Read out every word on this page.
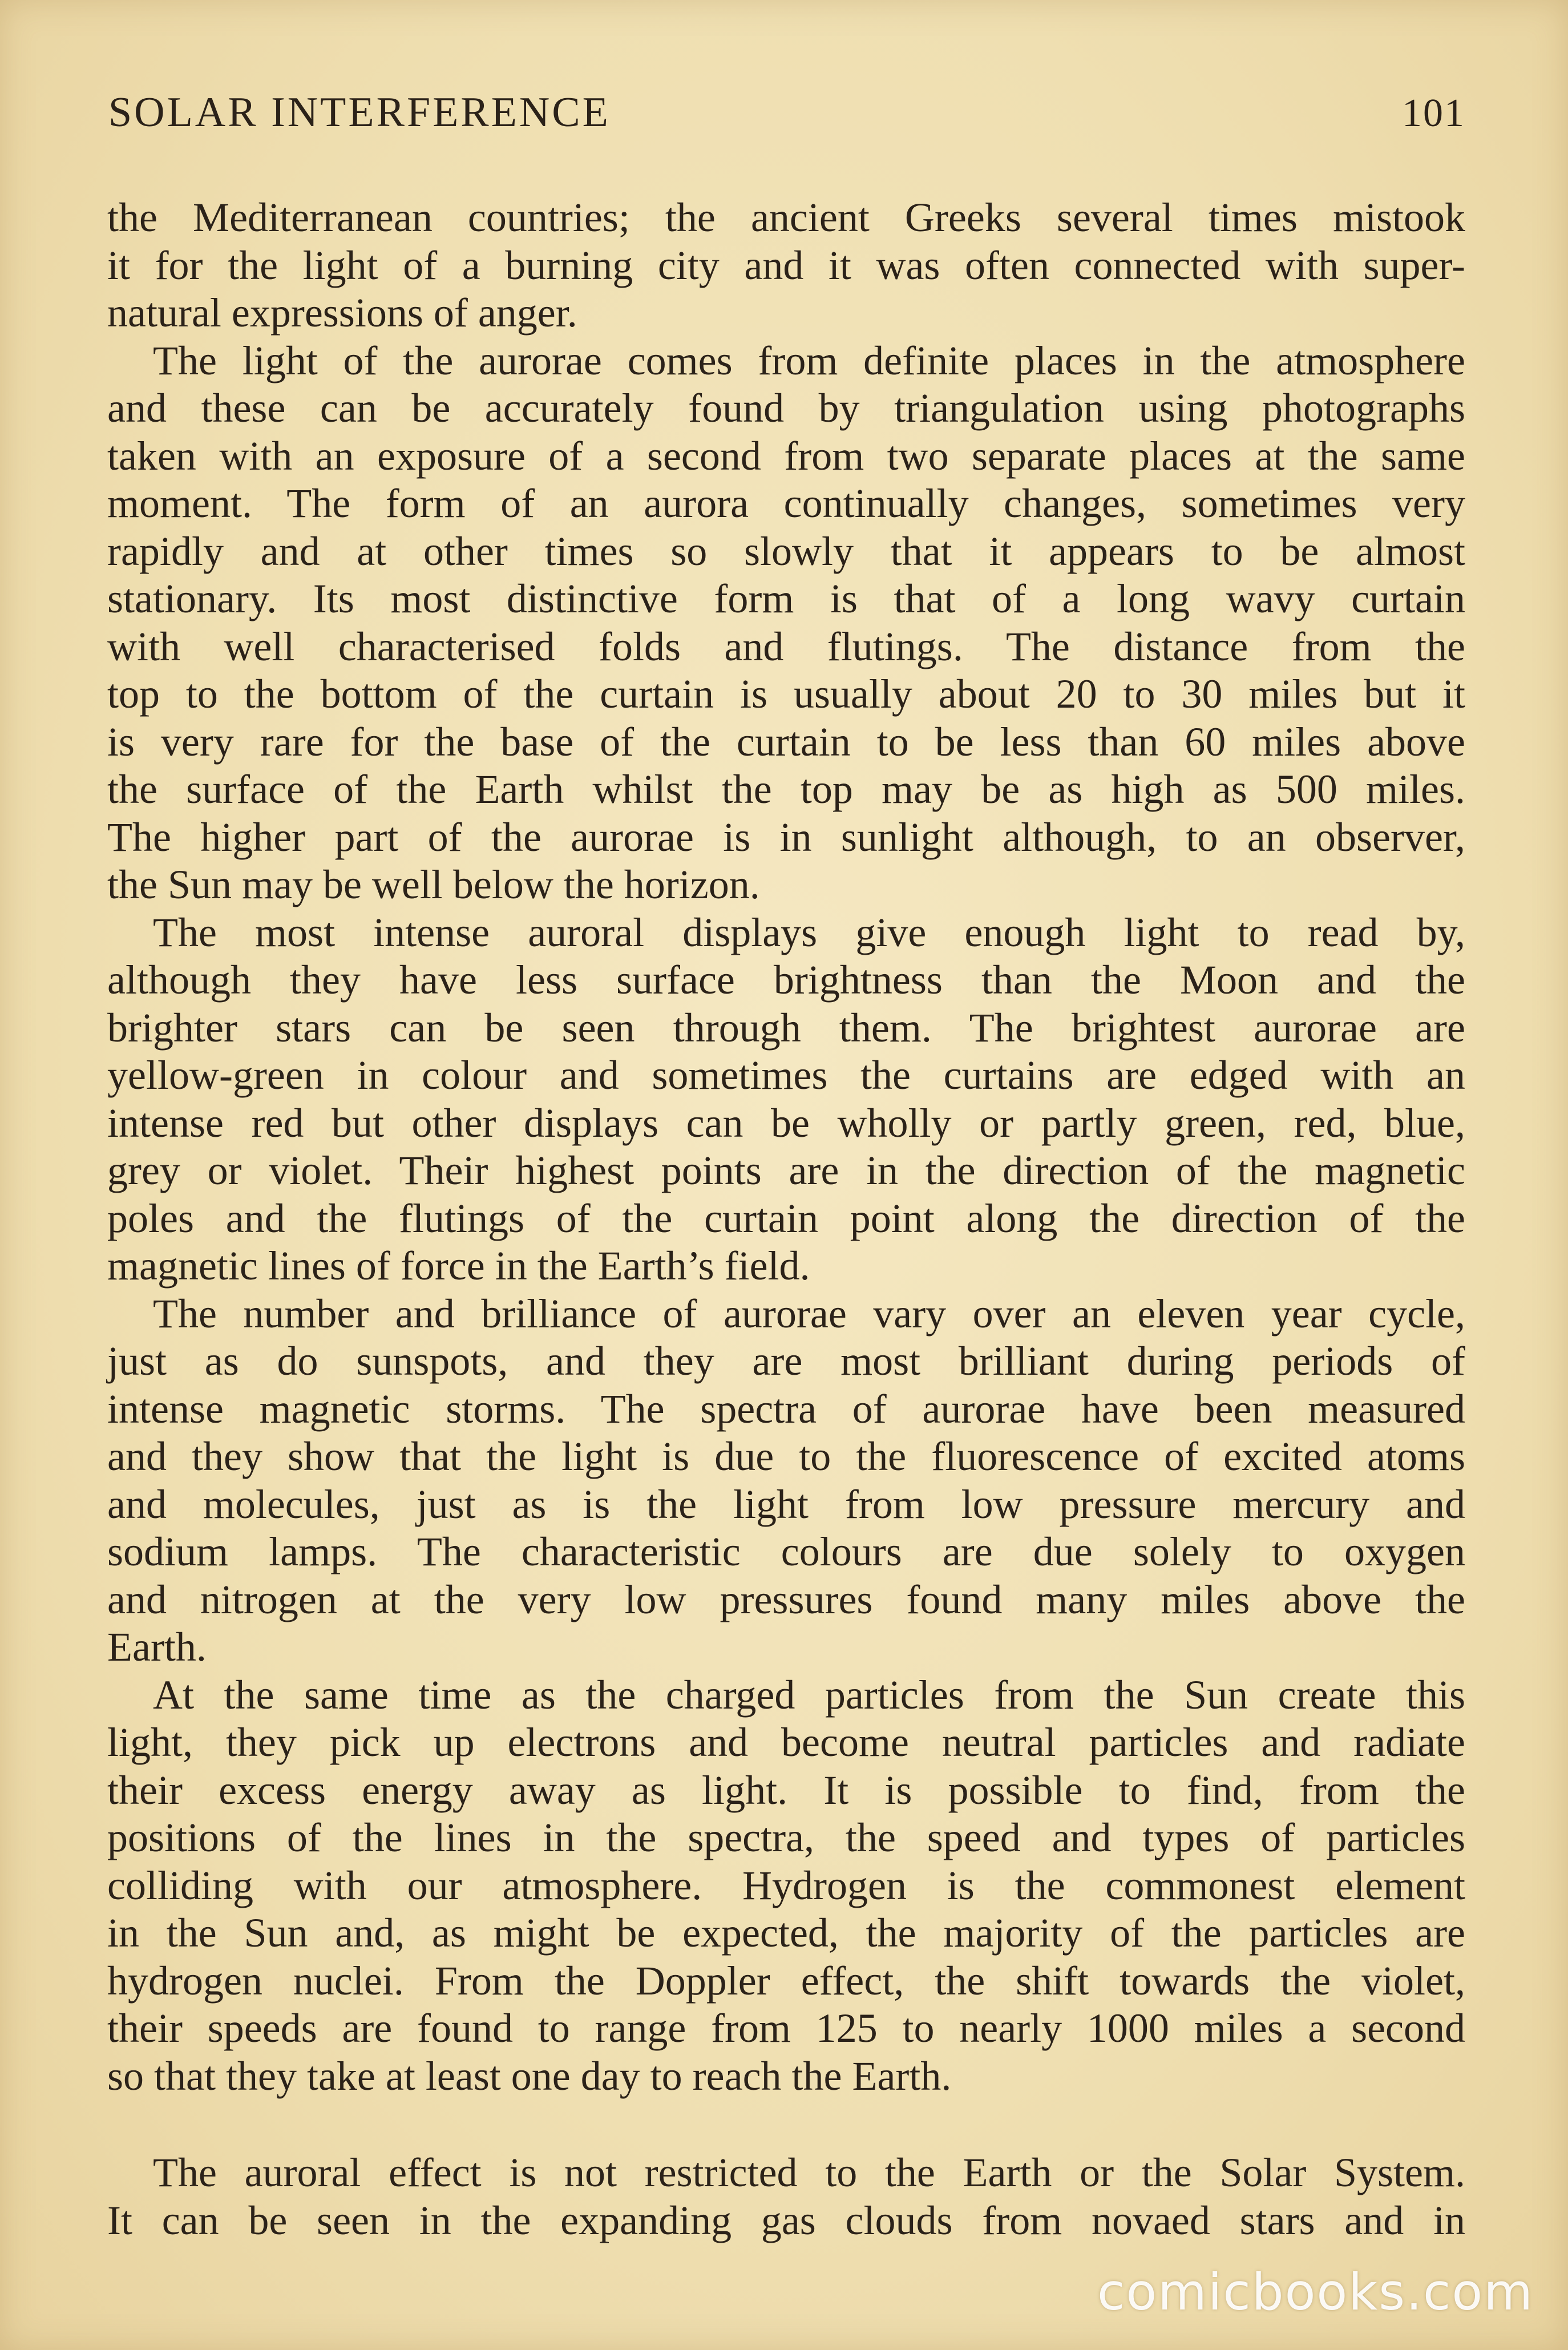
SOLAR INTERFERENCE	101
the Mediterranean countries; the ancient Greeks several times mistook
it for the light of a burning city and it was often connected with super-
natural expressions of anger.
The light of the aurorae comes from definite places in the atmosphere
and these can be accurately found by triangulation using photographs
taken with an exposure of a second from two separate places at the same
moment. The form of an aurora continually changes, sometimes very
rapidly and at other times so slowly that it appears to be almost
stationary. Its most distinctive form is that of a long wavy curtain
with well characterised folds and flutings. The distance from the
top to the bottom of the curtain is usually about 20 to 30 miles but it
is very rare for the base of the curtain to be less than 60 miles above
the surface of the Earth whilst the top may be as high as 500 miles.
The higher part of the aurorae is in sunlight although, to an observer,
the Sun may be well below the horizon.
The most intense auroral displays give enough light to read by,
although they have less surface brightness than the Moon and the
brighter stars can be seen through them. The brightest aurorae are
yellow-green in colour and sometimes the curtains are edged with an
intense red but other displays can be wholly or partly green, red, blue,
grey or violet. Their highest points are in the direction of the magnetic
poles and the flutings of the curtain point along the direction of the
magnetic lines of force in the Earth’s field.
The number and brilliance of aurorae vary over an eleven year cycle,
just as do sunspots, and they are most brilliant during periods of
intense magnetic storms. The spectra of aurorae have been measured
and they show that the light is due to the fluorescence of excited atoms
and molecules, just as is the light from low pressure mercury and
sodium lamps. The characteristic colours are due solely to oxygen
and nitrogen at the very low pressures found many miles above the
Earth.
At the same time as the charged particles from the Sun create this
light, they pick up electrons and become neutral particles and radiate
their excess energy away as light. It is possible to find, from the
positions of the lines in the spectra, the speed and types of particles
colliding with our atmosphere. Hydrogen is the commonest element
in the Sun and, as might be expected, the majority of the particles are
hydrogen nuclei. From the Doppler effect, the shift towards the violet,
their speeds are found to range from 125 to nearly 1000 miles a second
so that they take at least one day to reach the Earth.
The auroral effect is not restricted to the Earth or the Solar System.
It can be seen in the expanding gas clouds from novaed stars and in
comicbooks.com
